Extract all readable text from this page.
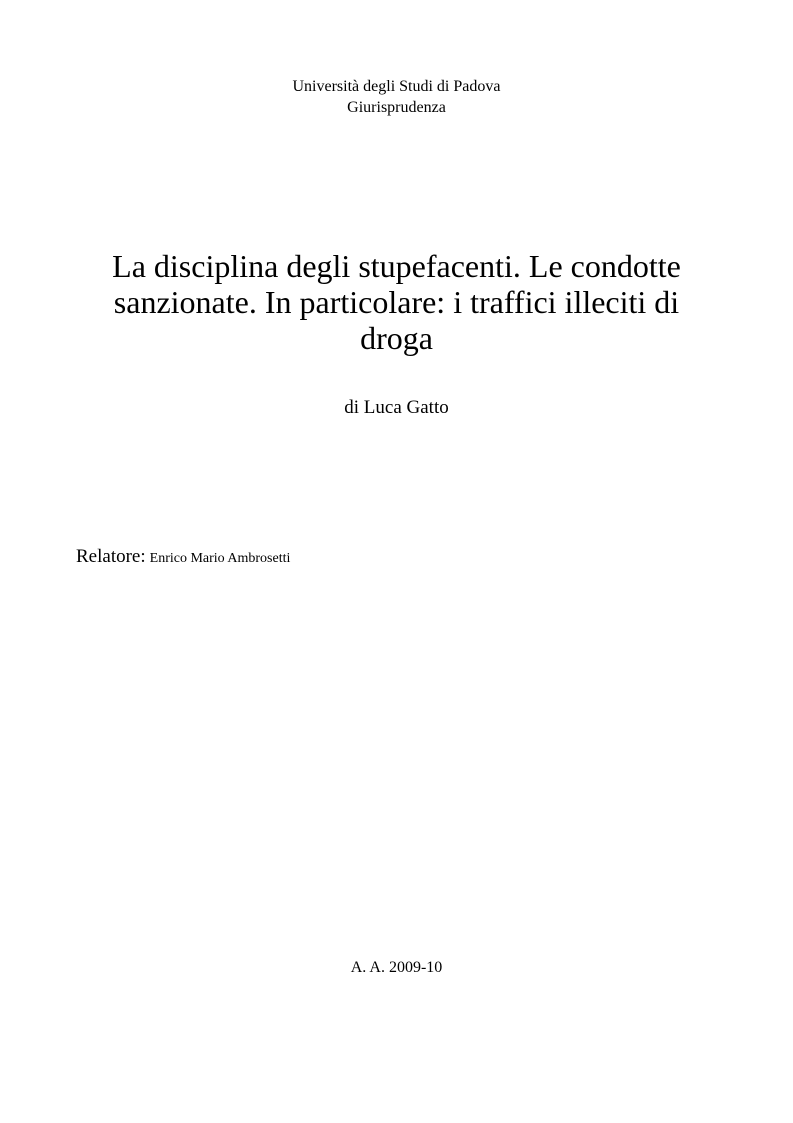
Università degli Studi di Padova
Giurisprudenza
La disciplina degli stupefacenti. Le condotte
sanzionate. In particolare: i traffici illeciti di
droga
di Luca Gatto
Relatore: Enrico Mario Ambrosetti
A. A. 2009-10
